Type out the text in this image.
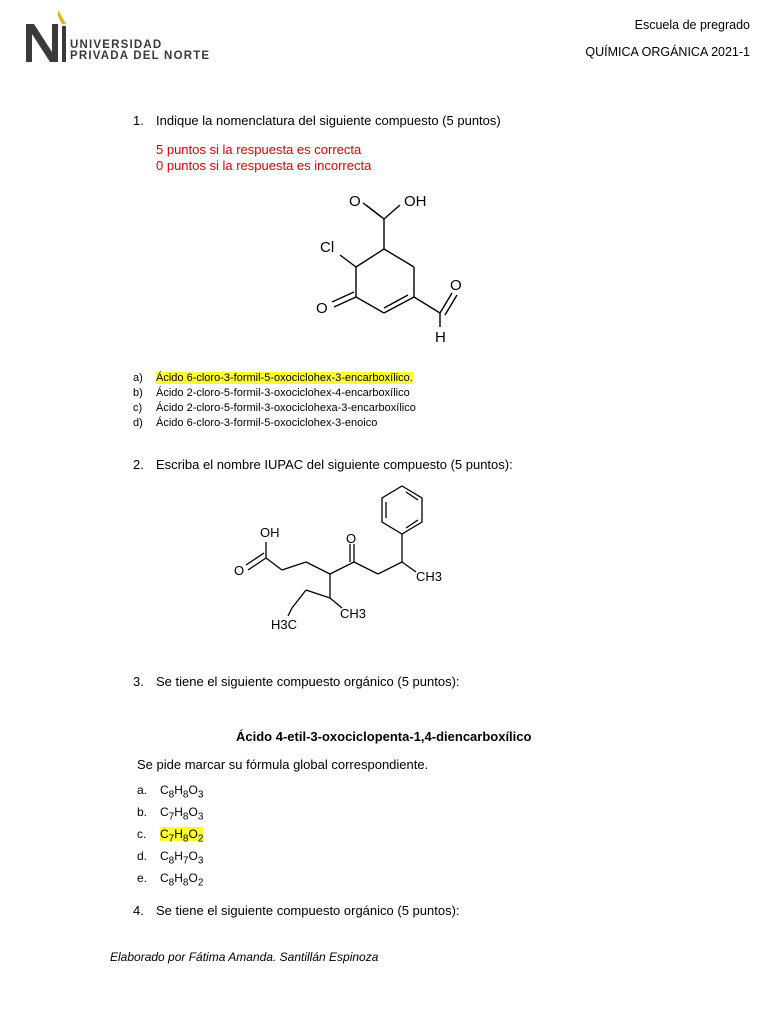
UNIVERSIDAD
PRIVADA DEL NORTE
Escuela de pregrado
QUÍMICA ORGÁNICA 2021-1
1. Indique la nomenclatura del siguiente compuesto (5 puntos)
5 puntos si la respuesta es correcta
0 puntos si la respuesta es incorrecta
O	OH
Cl
O
O
H
a) Ácido 6-cloro-3-formil-5-oxociclohex-3-encarboxílico.
b) Ácido 2-cloro-5-formil-3-oxociclohex-4-encarboxílico
c) Ácido 2-cloro-5-formil-3-oxociclohexa-3-encarboxílico
d) Ácido 6-cloro-3-formil-5-oxociclohex-3-enoico
2. Escriba el nombre IUPAC del siguiente compuesto (5 puntos):
OH
O
O
CH3
H3C
CH3
3. Se tiene el siguiente compuesto orgánico (5 puntos):
Ácido 4-etil-3-oxociclopenta-1,4-diencarboxílico
Se pide marcar su fórmula global correspondiente.
a. $C_8H_8O_3$
b. $C_7H_8O_3$
c. $C_7H_8O_2$
d. $C_8H_7O_3$
e. $C_8H_8O_2$
4. Se tiene el siguiente compuesto orgánico (5 puntos):
Elaborado por Fátima Amanda. Santillán Espinoza
